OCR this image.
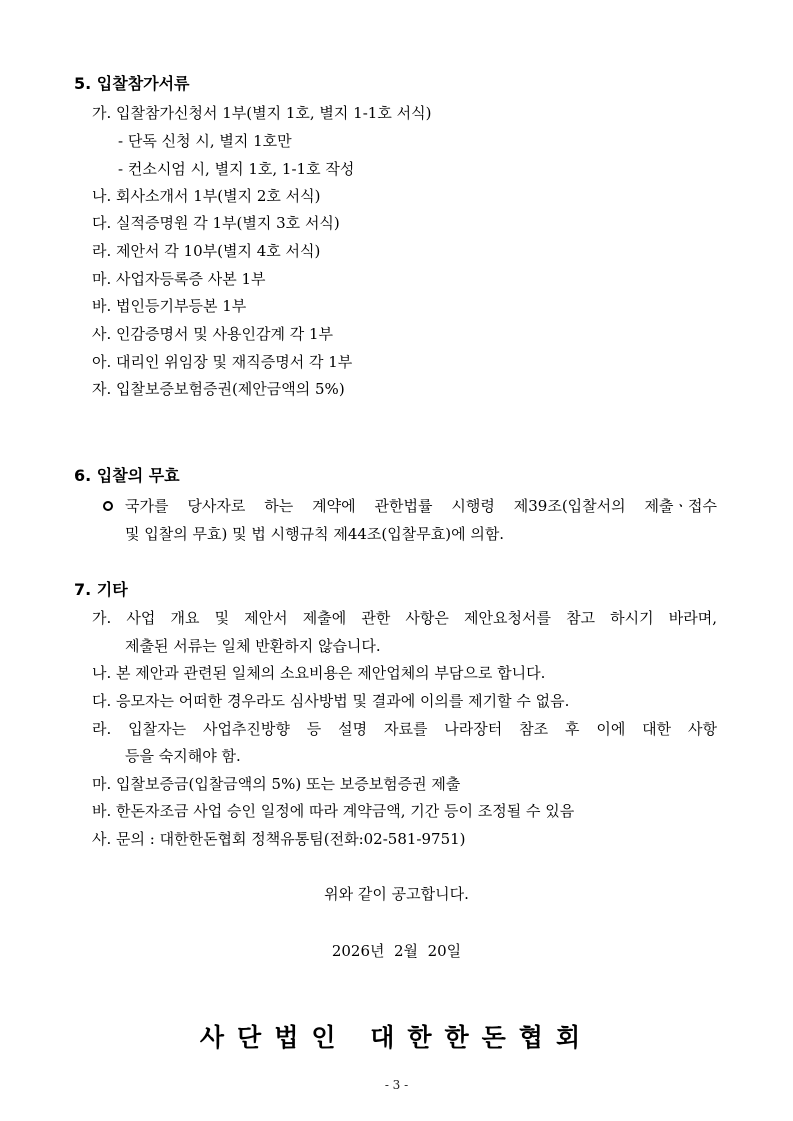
5. 입찰참가서류
가. 입찰참가신청서 1부(별지 1호, 별지 1-1호 서식)
- 단독 신청 시, 별지 1호만
- 컨소시엄 시, 별지 1호, 1-1호 작성
나. 회사소개서 1부(별지 2호 서식)
다. 실적증명원 각 1부(별지 3호 서식)
라. 제안서 각 10부(별지 4호 서식)
마. 사업자등록증 사본 1부
바. 법인등기부등본 1부
사. 인감증명서 및 사용인감계 각 1부
아. 대리인 위임장 및 재직증명서 각 1부
자. 입찰보증보험증권(제안금액의 5%)
6. 입찰의 무효
국가를 당사자로 하는 계약에 관한법률 시행령 제39조(입찰서의 제출ㆍ접수
및 입찰의 무효) 및 법 시행규칙 제44조(입찰무효)에 의함.
7. 기타
가. 사업 개요 및 제안서 제출에 관한 사항은 제안요청서를 참고 하시기 바라며,
제출된 서류는 일체 반환하지 않습니다.
나. 본 제안과 관련된 일체의 소요비용은 제안업체의 부담으로 합니다.
다. 응모자는 어떠한 경우라도 심사방법 및 결과에 이의를 제기할 수 없음.
라. 입찰자는 사업추진방향 등 설명 자료를 나라장터 참조 후 이에 대한 사항
등을 숙지해야 함.
마. 입찰보증금(입찰금액의 5%) 또는 보증보험증권 제출
바. 한돈자조금 사업 승인 일정에 따라 계약금액, 기간 등이 조정될 수 있음
사. 문의 : 대한한돈협회 정책유통팀(전화:02-581-9751)
위와 같이 공고합니다.
2026년  2월  20일
사단법인 대한한돈협회
- 3 -
